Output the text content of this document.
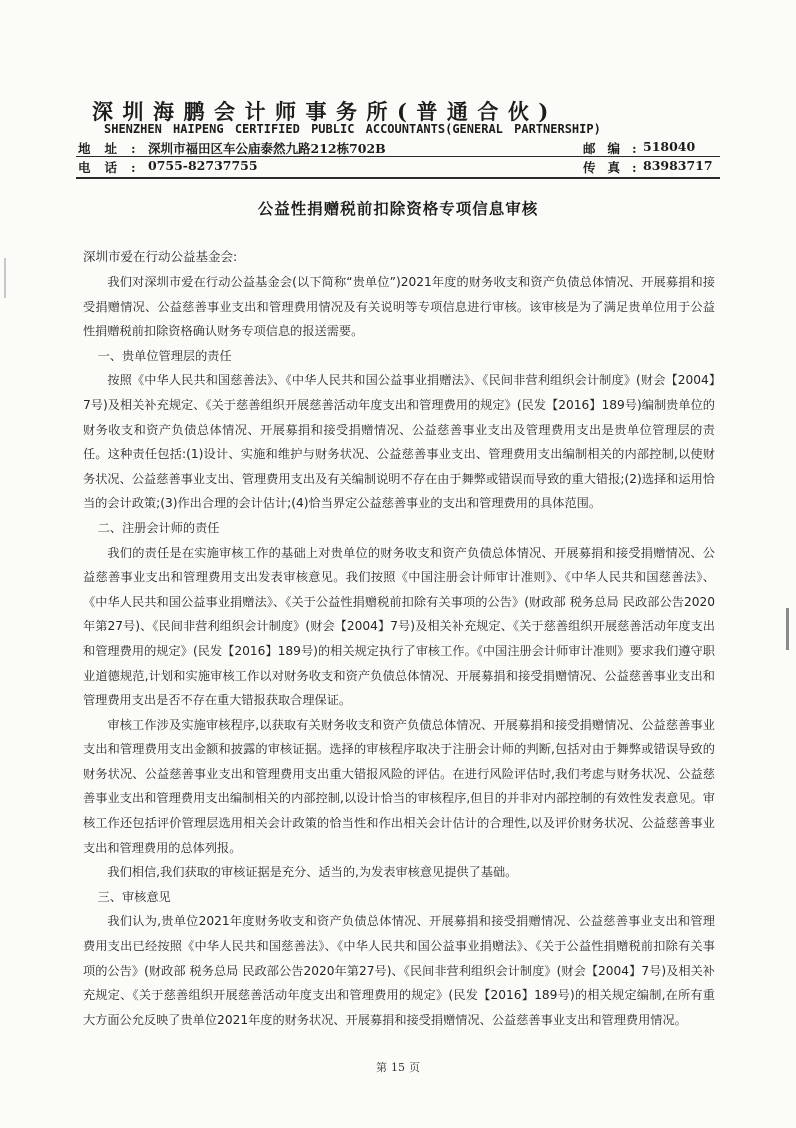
深圳海鹏会计师事务所(普通合伙)
SHENZHEN HAIPENG CERTIFIED PUBLIC ACCOUNTANTS(GENERAL PARTNERSHIP)
地址:
深圳市福田区车公庙泰然九路212栋702B	邮编:
518040
电话:
0755-82737755	传真:
83983717
公益性捐赠税前扣除资格专项信息审核
深圳市爱在行动公益基金会:

我们对深圳市爱在行动公益基金会(以下简称“贵单位”)2021年度的财务收支和资产负债总体情况、开展募捐和接受捐赠情况、公益慈善事业支出和管理费用情况及有关说明等专项信息进行审核。该审核是为了满足贵单位用于公益性捐赠税前扣除资格确认财务专项信息的报送需要。

一、贵单位管理层的责任

按照《中华人民共和国慈善法》、《中华人民共和国公益事业捐赠法》、《民间非营利组织会计制度》(财会【2004】7号)及相关补充规定、《关于慈善组织开展慈善活动年度支出和管理费用的规定》(民发【2016】189号)编制贵单位的财务收支和资产负债总体情况、开展募捐和接受捐赠情况、公益慈善事业支出及管理费用支出是贵单位管理层的责任。这种责任包括:(1)设计、实施和维护与财务状况、公益慈善事业支出、管理费用支出编制相关的内部控制,以使财务状况、公益慈善事业支出、管理费用支出及有关编制说明不存在由于舞弊或错误而导致的重大错报;(2)选择和运用恰当的会计政策;(3)作出合理的会计估计;(4)恰当界定公益慈善事业的支出和管理费用的具体范围。

二、注册会计师的责任

我们的责任是在实施审核工作的基础上对贵单位的财务收支和资产负债总体情况、开展募捐和接受捐赠情况、公益慈善事业支出和管理费用支出发表审核意见。我们按照《中国注册会计师审计准则》、《中华人民共和国慈善法》、《中华人民共和国公益事业捐赠法》、《关于公益性捐赠税前扣除有关事项的公告》(财政部 税务总局 民政部公告2020年第27号)、《民间非营利组织会计制度》(财会【2004】7号)及相关补充规定、《关于慈善组织开展慈善活动年度支出和管理费用的规定》(民发【2016】189号)的相关规定执行了审核工作。《中国注册会计师审计准则》要求我们遵守职业道德规范,计划和实施审核工作以对财务收支和资产负债总体情况、开展募捐和接受捐赠情况、公益慈善事业支出和管理费用支出是否不存在重大错报获取合理保证。

审核工作涉及实施审核程序,以获取有关财务收支和资产负债总体情况、开展募捐和接受捐赠情况、公益慈善事业支出和管理费用支出金额和披露的审核证据。选择的审核程序取决于注册会计师的判断,包括对由于舞弊或错误导致的财务状况、公益慈善事业支出和管理费用支出重大错报风险的评估。在进行风险评估时,我们考虑与财务状况、公益慈善事业支出和管理费用支出编制相关的内部控制,以设计恰当的审核程序,但目的并非对内部控制的有效性发表意见。审核工作还包括评价管理层选用相关会计政策的恰当性和作出相关会计估计的合理性,以及评价财务状况、公益慈善事业支出和管理费用的总体列报。

我们相信,我们获取的审核证据是充分、适当的,为发表审核意见提供了基础。

三、审核意见

我们认为,贵单位2021年度财务收支和资产负债总体情况、开展募捐和接受捐赠情况、公益慈善事业支出和管理费用支出已经按照《中华人民共和国慈善法》、《中华人民共和国公益事业捐赠法》、《关于公益性捐赠税前扣除有关事项的公告》(财政部 税务总局 民政部公告2020年第27号)、《民间非营利组织会计制度》(财会【2004】7号)及相关补充规定、《关于慈善组织开展慈善活动年度支出和管理费用的规定》(民发【2016】189号)的相关规定编制,在所有重大方面公允反映了贵单位2021年度的财务状况、开展募捐和接受捐赠情况、公益慈善事业支出和管理费用情况。

第 15 页
